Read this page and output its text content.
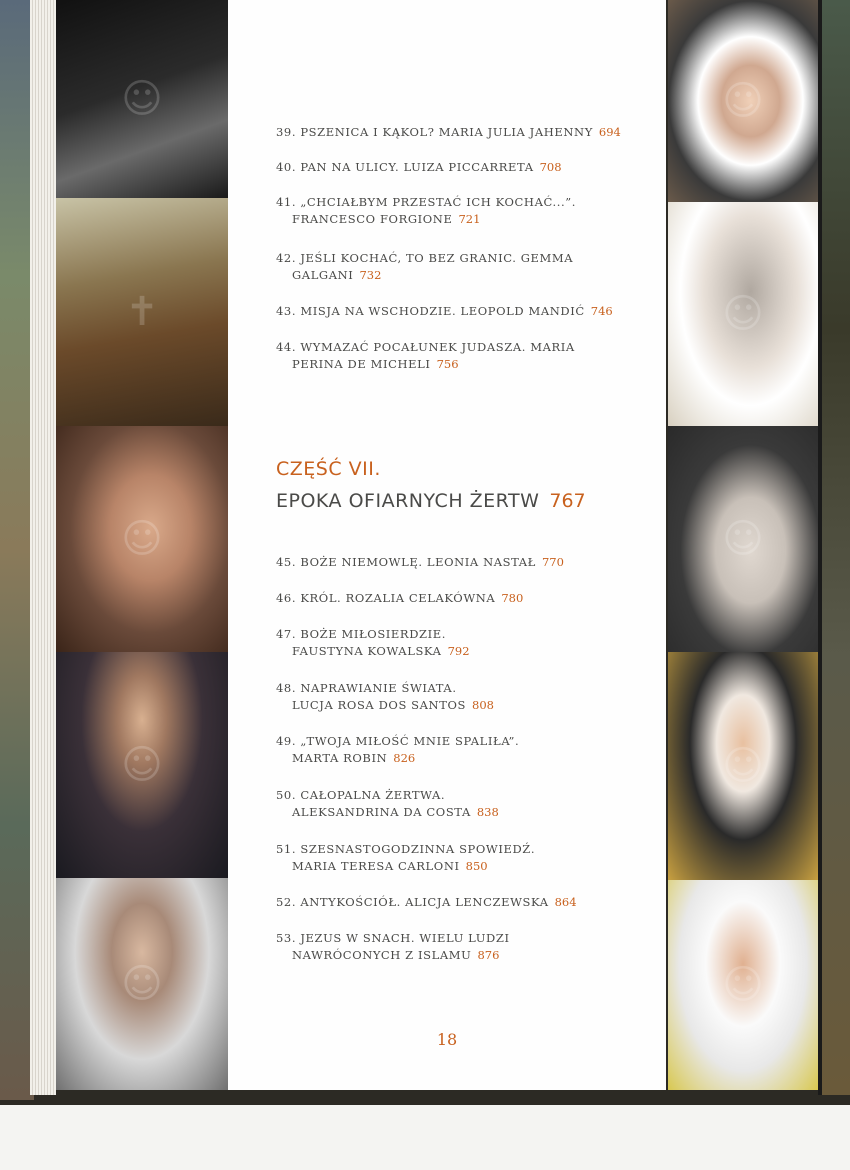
☺
✝
☺
☺
☺
☺
☺
☺
☺
☺
39. PSZENICA I KĄKOL? MARIA JULIA JAHENNY 694
40. PAN NA ULICY. LUIZA PICCARRETA 708
41. „CHCIAŁBYM PRZESTAĆ ICH KOCHAĆ...”.
FRANCESCO FORGIONE 721
42. JEŚLI KOCHAĆ, TO BEZ GRANIC. GEMMA
GALGANI 732
43. MISJA NA WSCHODZIE. LEOPOLD MANDIĆ 746
44. WYMAZAĆ POCAŁUNEK JUDASZA. MARIA
PERINA DE MICHELI 756
CZĘŚĆ VII.
EPOKA OFIARNYCH ŻERTW 767
45. BOŻE NIEMOWLĘ. LEONIA NASTAŁ 770
46. KRÓL. ROZALIA CELAKÓWNA 780
47. BOŻE MIŁOSIERDZIE.
FAUSTYNA KOWALSKA 792
48. NAPRAWIANIE ŚWIATA.
LUCJA ROSA DOS SANTOS 808
49. „TWOJA MIŁOŚĆ MNIE SPALIŁA”.
MARTA ROBIN 826
50. CAŁOPALNA ŻERTWA.
ALEKSANDRINA DA COSTA 838
51. SZESNASTOGODZINNA SPOWIEDŹ.
MARIA TERESA CARLONI 850
52. ANTYKOŚCIÓŁ. ALICJA LENCZEWSKA 864
53. JEZUS W SNACH. WIELU LUDZI
NAWRÓCONYCH Z ISLAMU 876
18
